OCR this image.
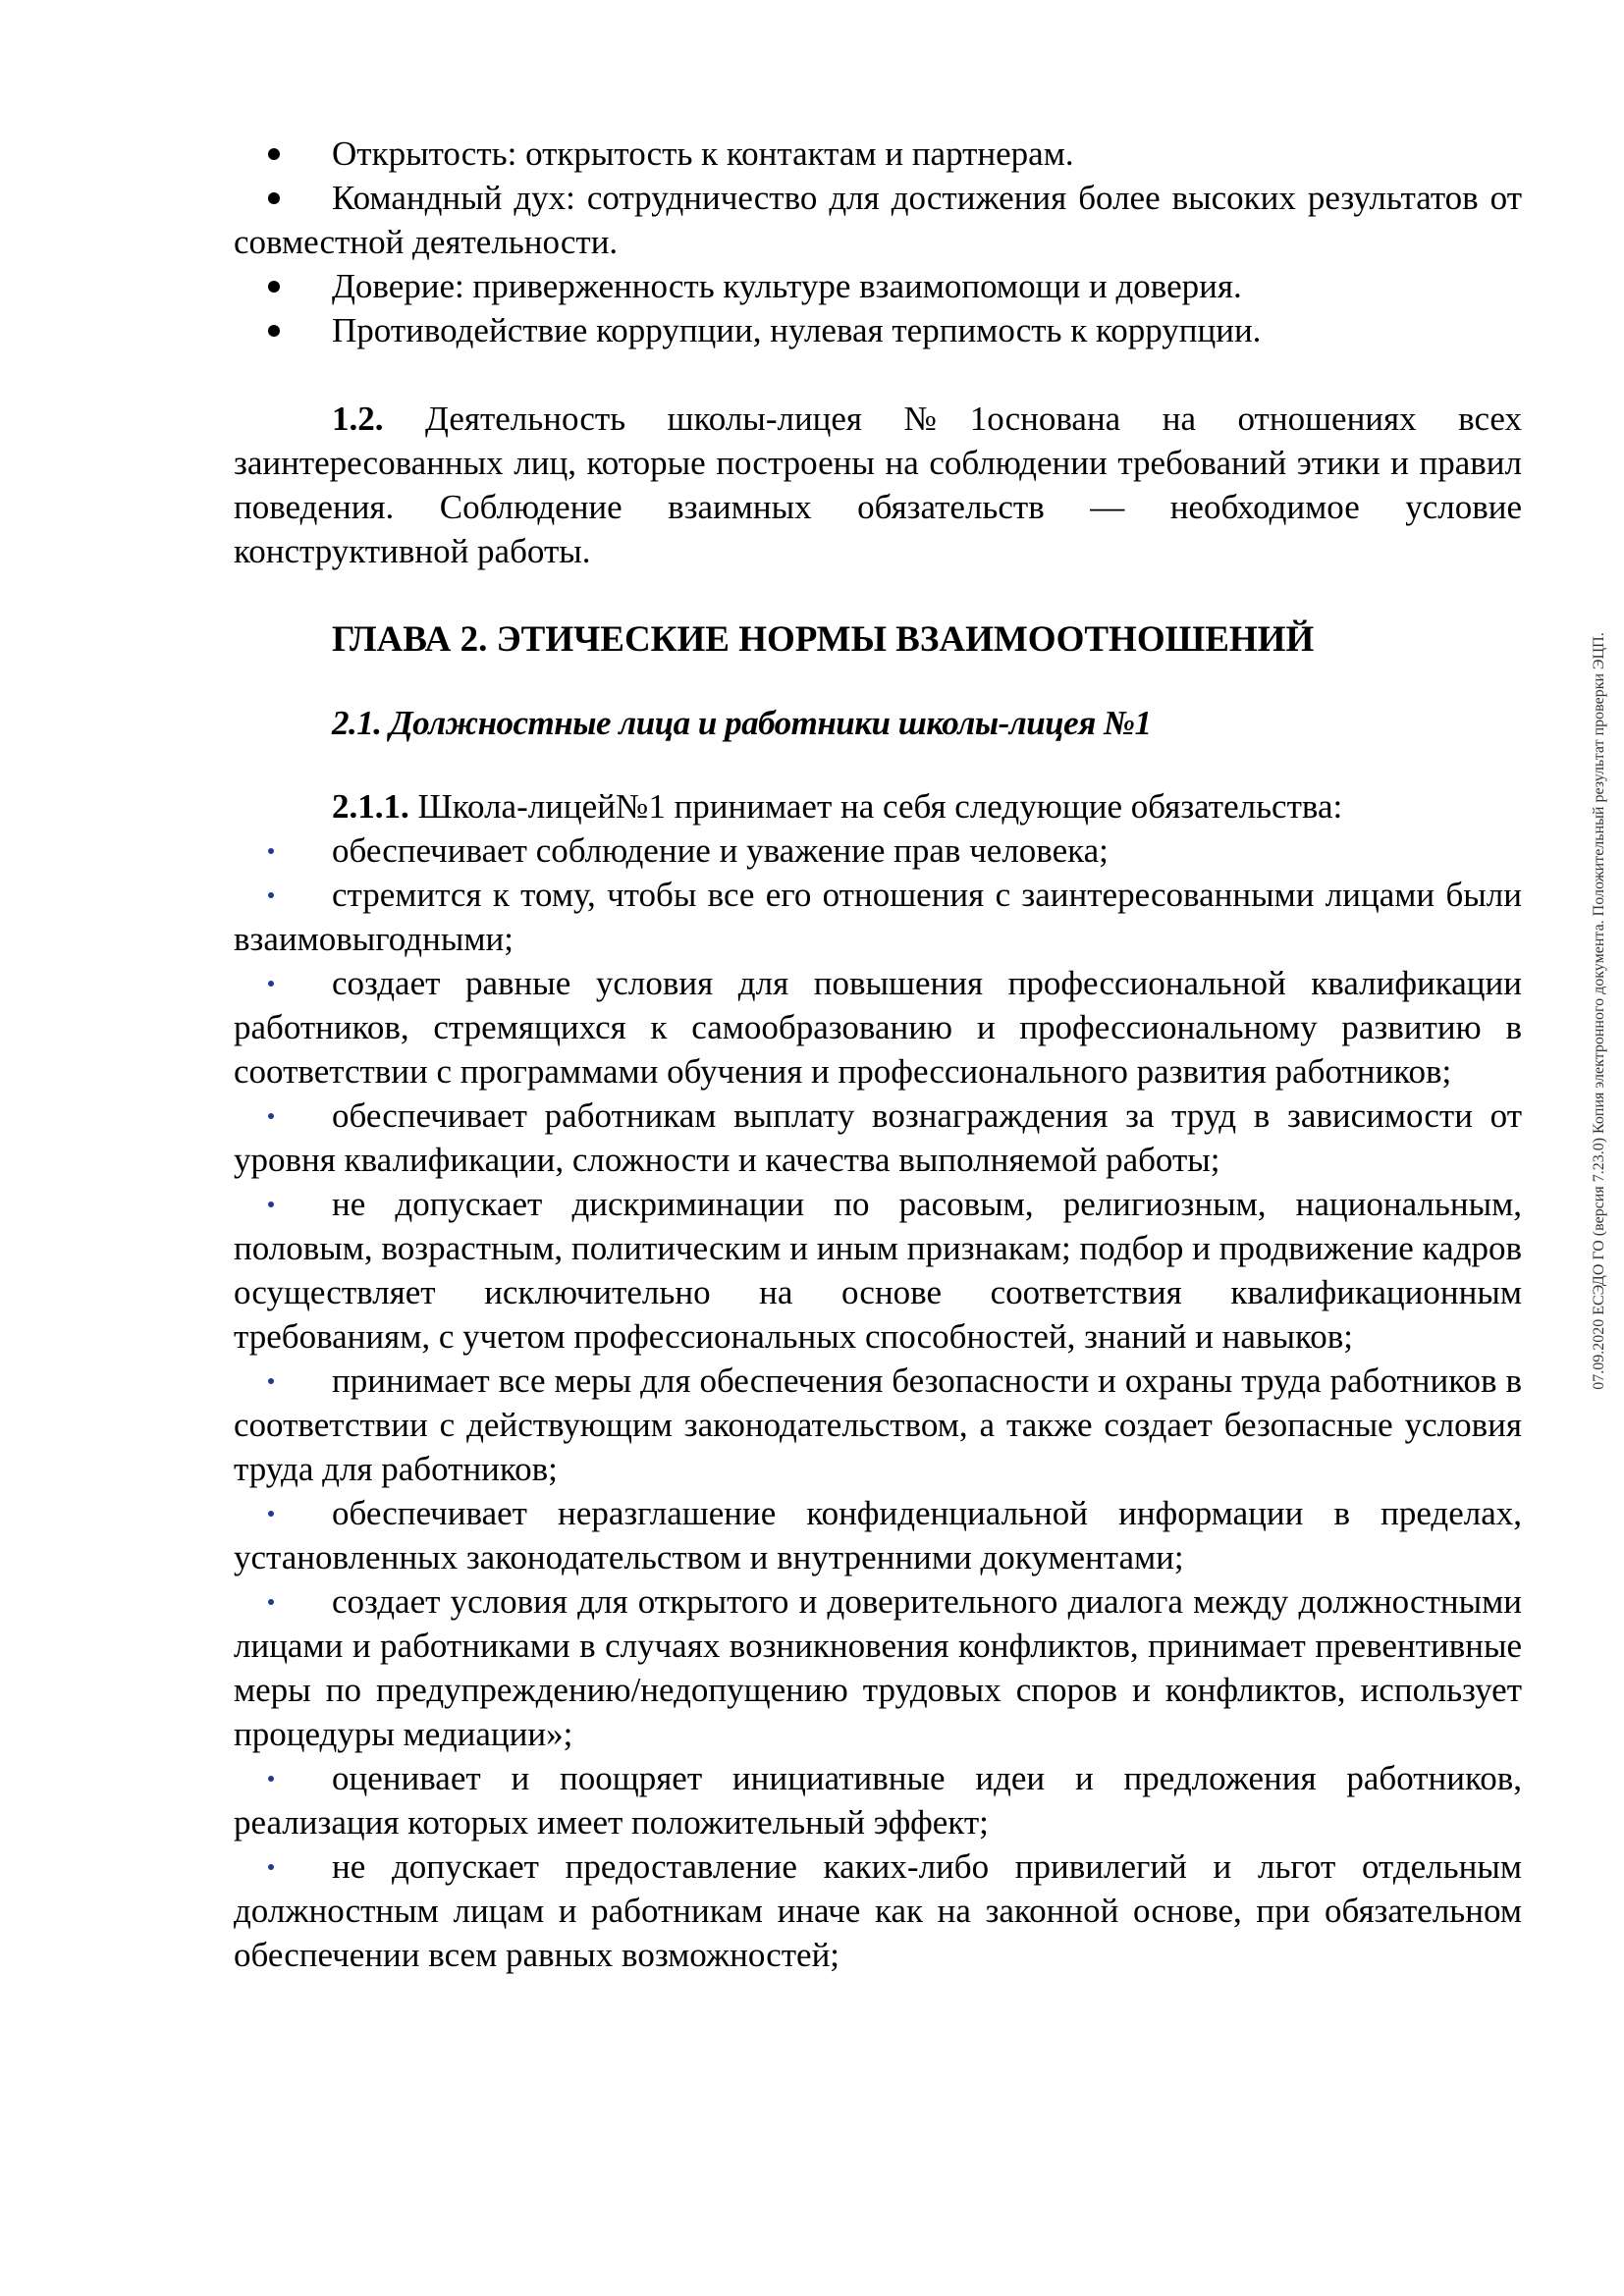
Открытость: открытость к контактам и партнерам.

Командный дух: сотрудничество для достижения более высоких результатов от совместной деятельности.

Доверие: приверженность культуре взаимопомощи и доверия.

Противодействие коррупции, нулевая терпимость к коррупции.

1.2. Деятельность школы-лицея №1основана на отношениях всех заинтересованных лиц, которые построены на соблюдении требований этики и правил поведения. Соблюдение взаимных обязательств — необходимое условие конструктивной работы.

ГЛАВА 2. ЭТИЧЕСКИЕ НОРМЫ ВЗАИМООТНОШЕНИЙ
2.1. Должностные лица и работники школы-лицея №1

2.1.1. Школа-лицей№1 принимает на себя следующие обязательства:

обеспечивает соблюдение и уважение прав человека;

стремится к тому, чтобы все его отношения с заинтересованными лицами были взаимовыгодными;

создает равные условия для повышения профессиональной квалификации работников, стремящихся к самообразованию и профессиональному развитию в соответствии с программами обучения и профессионального развития работников;

обеспечивает работникам выплату вознаграждения за труд в зависимости от уровня квалификации, сложности и качества выполняемой работы;

не допускает дискриминации по расовым, религиозным, национальным, половым, возрастным, политическим и иным признакам; подбор и продвижение кадров осуществляет исключительно на основе соответствия квалификационным требованиям, с учетом профессиональных способностей, знаний и навыков;

принимает все меры для обеспечения безопасности и охраны труда работников в соответствии с действующим законодательством, а также создает безопасные условия труда для работников;

обеспечивает неразглашение конфиденциальной информации в пределах, установленных законодательством и внутренними документами;

создает условия для открытого и доверительного диалога между должностными лицами и работниками в случаях возникновения конфликтов, принимает превентивные меры по предупреждению/недопущению трудовых споров и конфликтов, использует процедуры медиации»;

оценивает и поощряет инициативные идеи и предложения работников, реализация которых имеет положительный эффект;

не допускает предоставление каких-либо привилегий и льгот отдельным должностным лицам и работникам иначе как на законной основе, при обязательном обеспечении всем равных возможностей;

07.09.2020 ЕСЭДО ГО (версия 7.23.0) Копия электронного документа. Положительный результат проверки ЭЦП.
